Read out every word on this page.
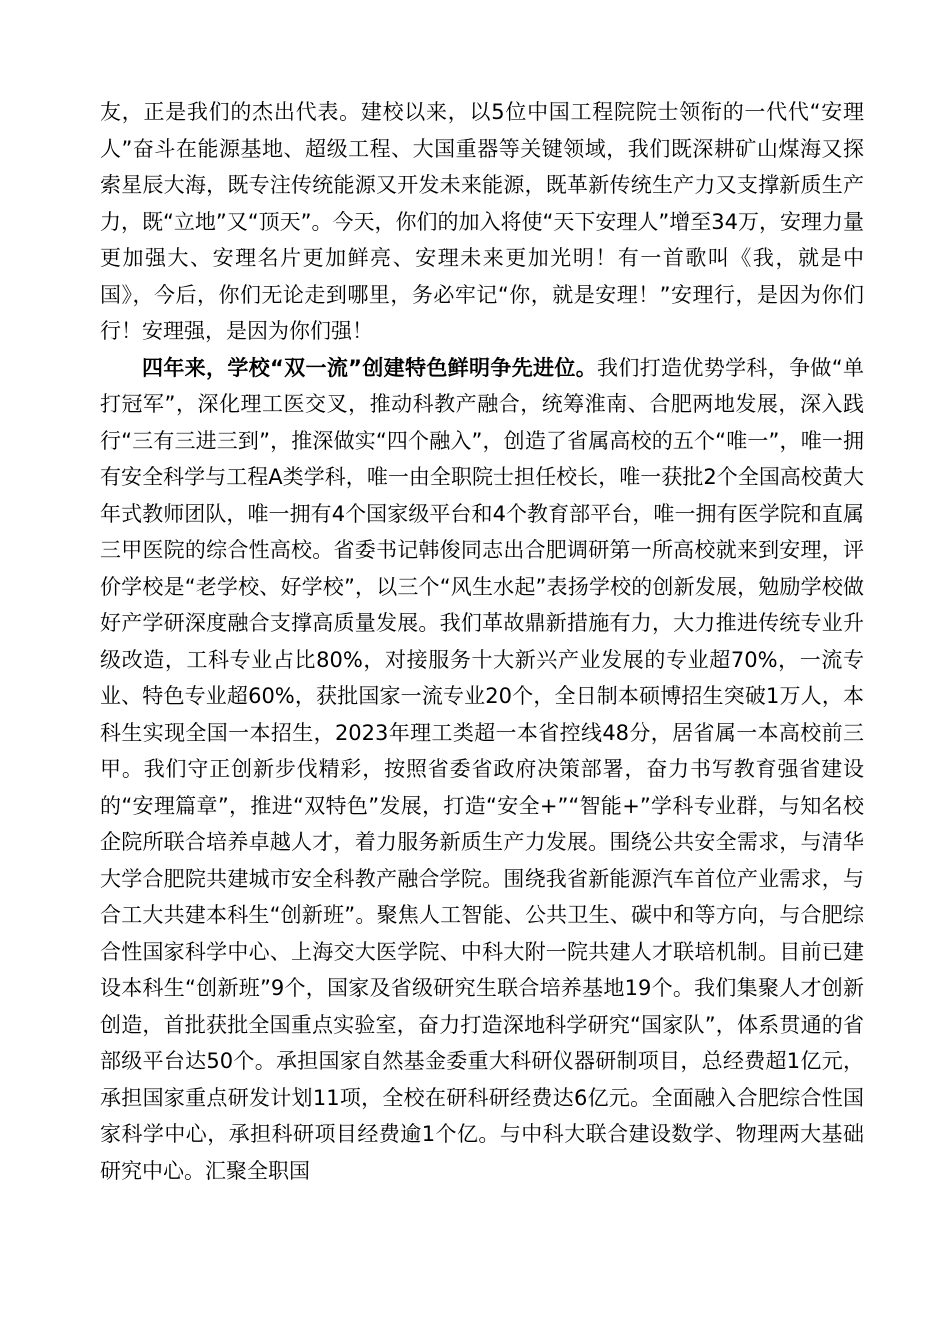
友，正是我们的杰出代表。建校以来，以5位中国工程院院士领衔的一代代“安理人”奋斗在能源基地、超级工程、大国重器等关键领域，我们既深耕矿山煤海又探索星辰大海，既专注传统能源又开发未来能源，既革新传统生产力又支撑新质生产力，既“立地”又“顶天”。今天，你们的加入将使“天下安理人”增至34万，安理力量更加强大、安理名片更加鲜亮、安理未来更加光明！有一首歌叫《我，就是中国》，今后，你们无论走到哪里，务必牢记“你，就是安理！”安理行，是因为你们行！安理强，是因为你们强！

四年来，学校“双一流”创建特色鲜明争先进位。我们打造优势学科，争做“单打冠军”，深化理工医交叉，推动科教产融合，统筹淮南、合肥两地发展，深入践行“三有三进三到”，推深做实“四个融入”，创造了省属高校的五个“唯一”，唯一拥有安全科学与工程A类学科，唯一由全职院士担任校长，唯一获批2个全国高校黄大年式教师团队，唯一拥有4个国家级平台和4个教育部平台，唯一拥有医学院和直属三甲医院的综合性高校。省委书记韩俊同志出合肥调研第一所高校就来到安理，评价学校是“老学校、好学校”，以三个“风生水起”表扬学校的创新发展，勉励学校做好产学研深度融合支撑高质量发展。我们革故鼎新措施有力，大力推进传统专业升级改造，工科专业占比80%，对接服务十大新兴产业发展的专业超70%，一流专业、特色专业超60%，获批国家一流专业20个，全日制本硕博招生突破1万人，本科生实现全国一本招生，2023年理工类超一本省控线48分，居省属一本高校前三甲。我们守正创新步伐精彩，按照省委省政府决策部署，奋力书写教育强省建设的“安理篇章”，推进“双特色”发展，打造“安全+”“智能+”学科专业群，与知名校企院所联合培养卓越人才，着力服务新质生产力发展。围绕公共安全需求，与清华大学合肥院共建城市安全科教产融合学院。围绕我省新能源汽车首位产业需求，与合工大共建本科生“创新班”。聚焦人工智能、公共卫生、碳中和等方向，与合肥综合性国家科学中心、上海交大医学院、中科大附一院共建人才联培机制。目前已建设本科生“创新班”9个，国家及省级研究生联合培养基地19个。我们集聚人才创新创造，首批获批全国重点实验室，奋力打造深地科学研究“国家队”，体系贯通的省部级平台达50个。承担国家自然基金委重大科研仪器研制项目，总经费超1亿元，承担国家重点研发计划11项，全校在研科研经费达6亿元。全面融入合肥综合性国家科学中心，承担科研项目经费逾1个亿。与中科大联合建设数学、物理两大基础研究中心。汇聚全职国
